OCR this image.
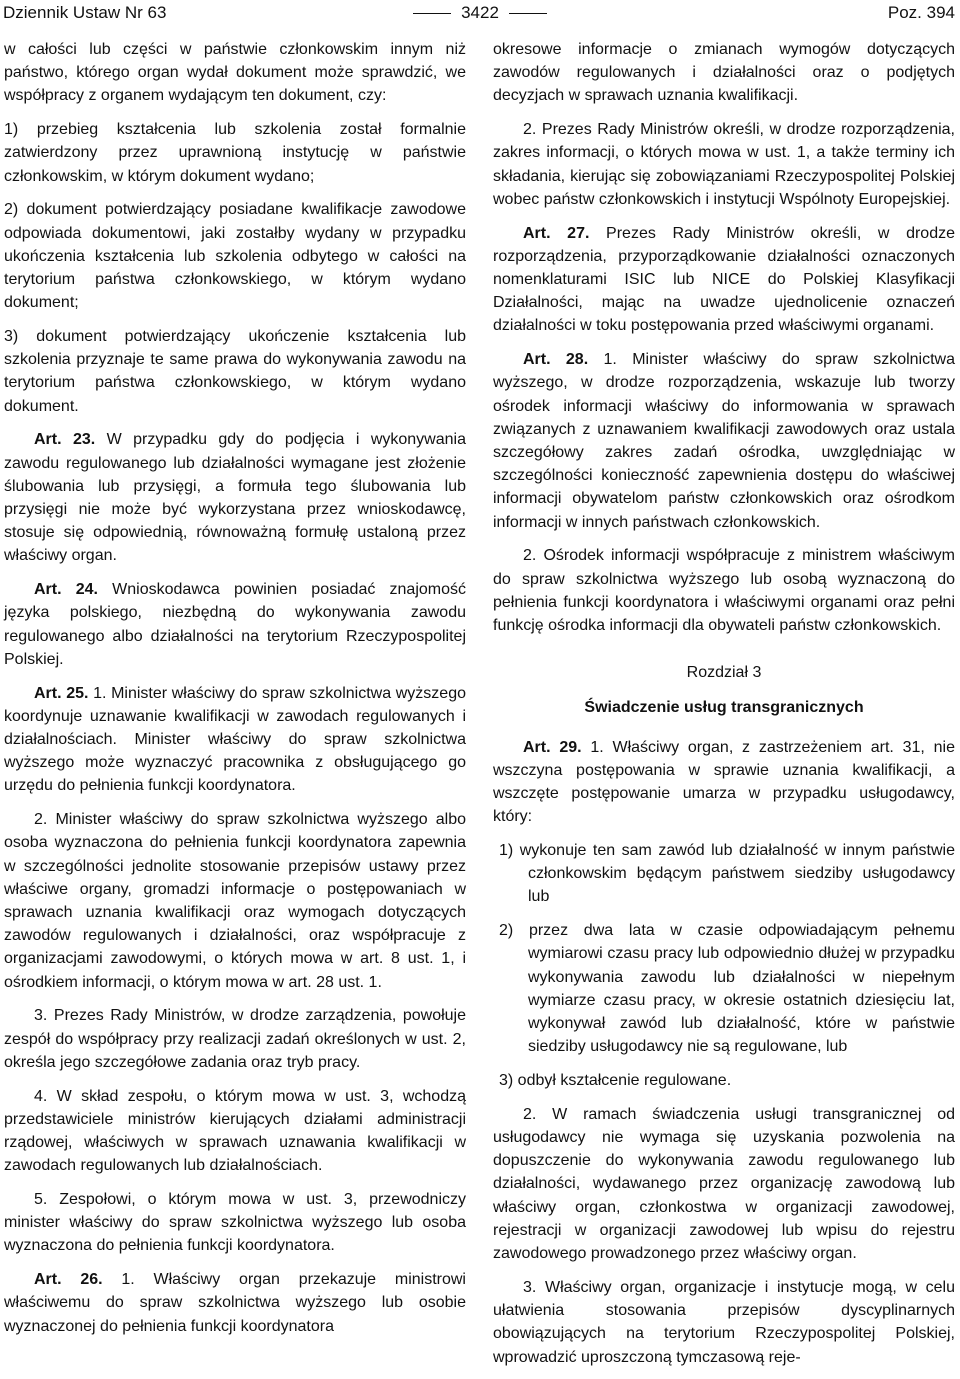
Dziennik Ustaw Nr 63	3422	Poz. 394

w całości lub części w państwie członkowskim innym niż państwo, którego organ wydał dokument może sprawdzić, we współpracy z organem wydającym ten dokument, czy:

1) przebieg kształcenia lub szkolenia został formalnie zatwierdzony przez uprawnioną instytucję w państwie członkowskim, w którym dokument wydano;

2) dokument potwierdzający posiadane kwalifikacje zawodowe odpowiada dokumentowi, jaki zostałby wydany w przypadku ukończenia kształcenia lub szkolenia odbytego w całości na terytorium państwa członkowskiego, w którym wydano dokument;

3) dokument potwierdzający ukończenie kształcenia lub szkolenia przyznaje te same prawa do wykonywania zawodu na terytorium państwa członkowskiego, w którym wydano dokument.

Art. 23. W przypadku gdy do podjęcia i wykonywania zawodu regulowanego lub działalności wymagane jest złożenie ślubowania lub przysięgi, a formuła tego ślubowania lub przysięgi nie może być wykorzystana przez wnioskodawcę, stosuje się odpowiednią, równoważną formułę ustaloną przez właściwy organ.

Art. 24. Wnioskodawca powinien posiadać znajomość języka polskiego, niezbędną do wykonywania zawodu regulowanego albo działalności na terytorium Rzeczypospolitej Polskiej.

Art. 25. 1. Minister właściwy do spraw szkolnictwa wyższego koordynuje uznawanie kwalifikacji w zawodach regulowanych i działalnościach. Minister właściwy do spraw szkolnictwa wyższego może wyznaczyć pracownika z obsługującego go urzędu do pełnienia funkcji koordynatora.

2. Minister właściwy do spraw szkolnictwa wyższego albo osoba wyznaczona do pełnienia funkcji koordynatora zapewnia w szczególności jednolite stosowanie przepisów ustawy przez właściwe organy, gromadzi informacje o postępowaniach w sprawach uznania kwalifikacji oraz wymogach dotyczących zawodów regulowanych i działalności, oraz współpracuje z organizacjami zawodowymi, o których mowa w art. 8 ust. 1, i ośrodkiem informacji, o którym mowa w art. 28 ust. 1.

3. Prezes Rady Ministrów, w drodze zarządzenia, powołuje zespół do współpracy przy realizacji zadań określonych w ust. 2, określa jego szczegółowe zadania oraz tryb pracy.

4. W skład zespołu, o którym mowa w ust. 3, wchodzą przedstawiciele ministrów kierujących działami administracji rządowej, właściwych w sprawach uznawania kwalifikacji w zawodach regulowanych lub działalnościach.

5. Zespołowi, o którym mowa w ust. 3, przewodniczy minister właściwy do spraw szkolnictwa wyższego lub osoba wyznaczona do pełnienia funkcji koordynatora.

Art. 26. 1. Właściwy organ przekazuje ministrowi właściwemu do spraw szkolnictwa wyższego lub osobie wyznaczonej do pełnienia funkcji koordynatora

okresowe informacje o zmianach wymogów dotyczących zawodów regulowanych i działalności oraz o podjętych decyzjach w sprawach uznania kwalifikacji.

2. Prezes Rady Ministrów określi, w drodze rozporządzenia, zakres informacji, o których mowa w ust. 1, a także terminy ich składania, kierując się zobowiązaniami Rzeczypospolitej Polskiej wobec państw członkowskich i instytucji Wspólnoty Europejskiej.

Art. 27. Prezes Rady Ministrów określi, w drodze rozporządzenia, przyporządkowanie działalności oznaczonych nomenklaturami ISIC lub NICE do Polskiej Klasyfikacji Działalności, mając na uwadze ujednolicenie oznaczeń działalności w toku postępowania przed właściwymi organami.

Art. 28. 1. Minister właściwy do spraw szkolnictwa wyższego, w drodze rozporządzenia, wskazuje lub tworzy ośrodek informacji właściwy do informowania w sprawach związanych z uznawaniem kwalifikacji zawodowych oraz ustala szczegółowy zakres zadań ośrodka, uwzględniając w szczególności konieczność zapewnienia dostępu do właściwej informacji obywatelom państw członkowskich oraz ośrodkom informacji w innych państwach członkowskich.

2. Ośrodek informacji współpracuje z ministrem właściwym do spraw szkolnictwa wyższego lub osobą wyznaczoną do pełnienia funkcji koordynatora i właściwymi organami oraz pełni funkcję ośrodka informacji dla obywateli państw członkowskich.

Rozdział 3

Świadczenie usług transgranicznych

Art. 29. 1. Właściwy organ, z zastrzeżeniem art. 31, nie wszczyna postępowania w sprawie uznania kwalifikacji, a wszczęte postępowanie umarza w przypadku usługodawcy, który:

1) wykonuje ten sam zawód lub działalność w innym państwie członkowskim będącym państwem siedziby usługodawcy lub

2) przez dwa lata w czasie odpowiadającym pełnemu wymiarowi czasu pracy lub odpowiednio dłużej w przypadku wykonywania zawodu lub działalności w niepełnym wymiarze czasu pracy, w okresie ostatnich dziesięciu lat, wykonywał zawód lub działalność, które w państwie siedziby usługodawcy nie są regulowane, lub

3) odbył kształcenie regulowane.

2. W ramach świadczenia usługi transgranicznej od usługodawcy nie wymaga się uzyskania pozwolenia na dopuszczenie do wykonywania zawodu regulowanego lub działalności, wydawanego przez organizację zawodową lub właściwy organ, członkostwa w organizacji zawodowej, rejestracji w organizacji zawodowej lub wpisu do rejestru zawodowego prowadzonego przez właściwy organ.

3. Właściwy organ, organizacje i instytucje mogą, w celu ułatwienia stosowania przepisów dyscyplinarnych obowiązujących na terytorium Rzeczypospolitej Polskiej, wprowadzić uproszczoną tymczasową reje-
